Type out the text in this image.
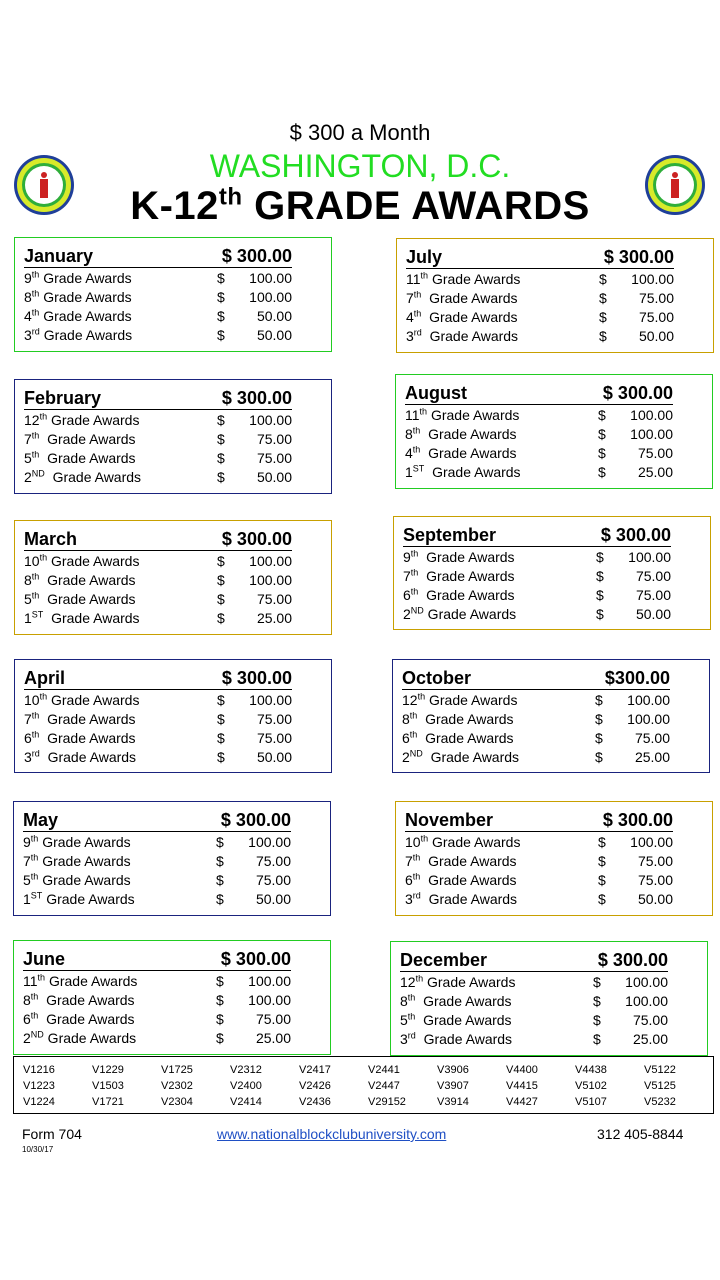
$ 300 a Month
WASHINGTON, D.C.
K-12th GRADE AWARDS
January	$ 300.00
9th Grade Awards	$	100.00
8th Grade Awards	$	100.00
4th Grade Awards	$	50.00
3rd Grade Awards	$	50.00
February	$ 300.00
12th Grade Awards	$	100.00
7th  Grade Awards	$	75.00
5th  Grade Awards	$	75.00
2ND  Grade Awards	$	50.00
March	$ 300.00
10th Grade Awards	$	100.00
8th  Grade Awards	$	100.00
5th  Grade Awards	$	75.00
1ST  Grade Awards	$	25.00
April	$ 300.00
10th Grade Awards	$	100.00
7th  Grade Awards	$	75.00
6th  Grade Awards	$	75.00
3rd  Grade Awards	$	50.00
May	$ 300.00
9th Grade Awards	$	100.00
7th Grade Awards	$	75.00
5th Grade Awards	$	75.00
1ST Grade Awards	$	50.00
June	$ 300.00
11th Grade Awards	$	100.00
8th  Grade Awards	$	100.00
6th  Grade Awards	$	75.00
2ND Grade Awards	$	25.00
July	$ 300.00
11th Grade Awards	$	100.00
7th  Grade Awards	$	75.00
4th  Grade Awards	$	75.00
3rd  Grade Awards	$	50.00
August	$ 300.00
11th Grade Awards	$	100.00
8th  Grade Awards	$	100.00
4th  Grade Awards	$	75.00
1ST  Grade Awards	$	25.00
September	$ 300.00
9th  Grade Awards	$	100.00
7th  Grade Awards	$	75.00
6th  Grade Awards	$	75.00
2ND Grade Awards	$	50.00
October	$300.00
12th Grade Awards	$	100.00
8th  Grade Awards	$	100.00
6th  Grade Awards	$	75.00
2ND  Grade Awards	$	25.00
November	$ 300.00
10th Grade Awards	$	100.00
7th  Grade Awards	$	75.00
6th  Grade Awards	$	75.00
3rd  Grade Awards	$	50.00
December	$ 300.00
12th Grade Awards	$	100.00
8th  Grade Awards	$	100.00
5th  Grade Awards	$	75.00
3rd  Grade Awards	$	25.00
V1216	V1229	V1725	V2312	V2417	V2441	V3906	V4400	V4438	V5122
V1223	V1503	V2302	V2400	V2426	V2447	V3907	V4415	V5102	V5125
V1224	V1721	V2304	V2414	V2436	V29152	V3914	V4427	V5107	V5232
Form 704
10/30/17
www.nationalblockclubuniversity.com	312 405-8844
